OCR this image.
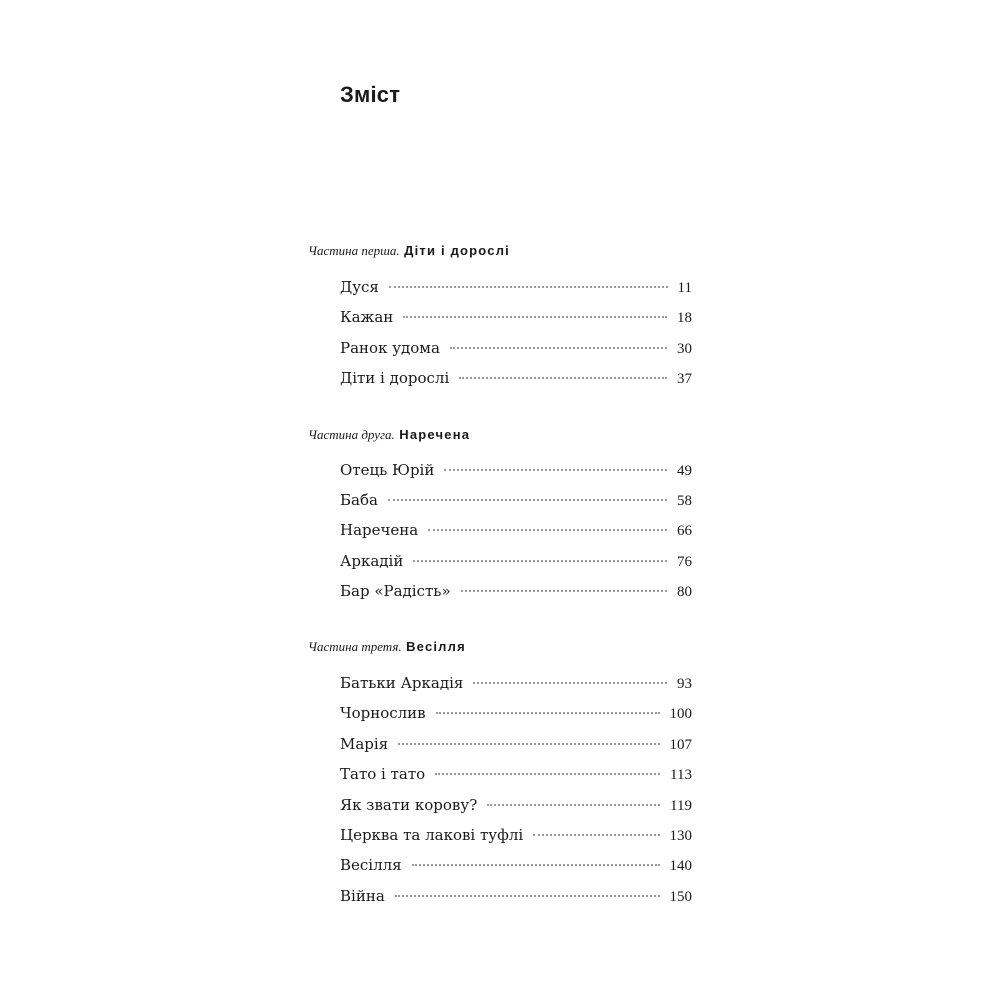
Зміст
Частина перша. Діти і дорослі
Дуся	11
Кажан	18
Ранок удома	30
Діти і дорослі	37
Частина друга. Наречена
Отець Юрій	49
Баба	58
Наречена	66
Аркадій	76
Бар «Радість»	80
Частина третя. Весілля
Батьки Аркадія	93
Чорнослив	100
Марія	107
Тато і тато	113
Як звати корову?	119
Церква та лакові туфлі	130
Весілля	140
Війна	150
